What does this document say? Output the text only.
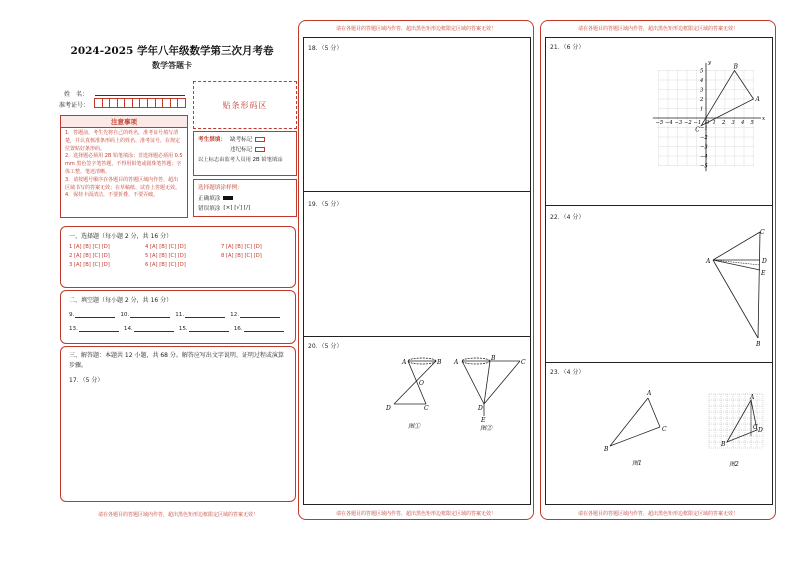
2024-2025 学年八年级数学第三次月考卷
数学答题卡
姓　名：
准考证号：	贴条形码区
注意事项
1．答题前，考生先将自己的姓名，准考证号填写清楚，并认真核准条形码上的姓名、准考证号，在规定位置贴好条形码。
2．选择题必须用 2B 铅笔填涂；非选择题必须用 0.5 mm 黑色签字笔答题，不得用铅笔或圆珠笔答题；字体工整、笔迹清晰。
3．请按题号顺序在各题目的答题区域内作答，超出区域书写的答案无效；在草稿纸、试卷上答题无效。
4．保持卡面清洁，不要折叠、不要弄破。
考生禁填： 缺考标记
违纪标记
以上标志由监考人员用 2B 铅笔填涂
选择题填涂样例：
正确填涂
错误填涂 [×] [√] [/]
一、选择题（每小题 2 分，共 16 分）
1 [A] [B] [C] [D]	4 [A] [B] [C] [D]	7 [A] [B] [C] [D]
2 [A] [B] [C] [D]	5 [A] [B] [C] [D]	8 [A] [B] [C] [D]
3 [A] [B] [C] [D]	6 [A] [B] [C] [D]
二、填空题（每小题 2 分，共 16 分）
9.	10.	11.	12.
13.	14.	15.	16.
三、解答题：本题共 12 小题，共 68 分。解答应写出文字说明、证明过程或演算步骤。
17．（5 分）
请在各题目的答题区域内作答，超出黑色矩形边框限定区域的答案无效！
请在各题目的答题区域内作答，超出黑色矩形边框限定区域的答案无效！
18．（5 分）
19．（5 分）
20．（5 分）
A	B
O
D	C
图①
A
B
C
D
E
图②
请在各题目的答题区域内作答，超出黑色矩形边框限定区域的答案无效！
请在各题目的答题区域内作答，超出黑色矩形边框限定区域的答案无效！
21．（6 分）
22．（4 分）
23．（4 分）
−5 −4 −3 −2 −1 O 1 2 3 4 5
5
4
3
2
1
−1
−2
−3
−4
−5
x
y
A
B
C
A
C
D
E
B
A
B
C
图1
A
C D
B
图2
请在各题目的答题区域内作答，超出黑色矩形边框限定区域的答案无效！
